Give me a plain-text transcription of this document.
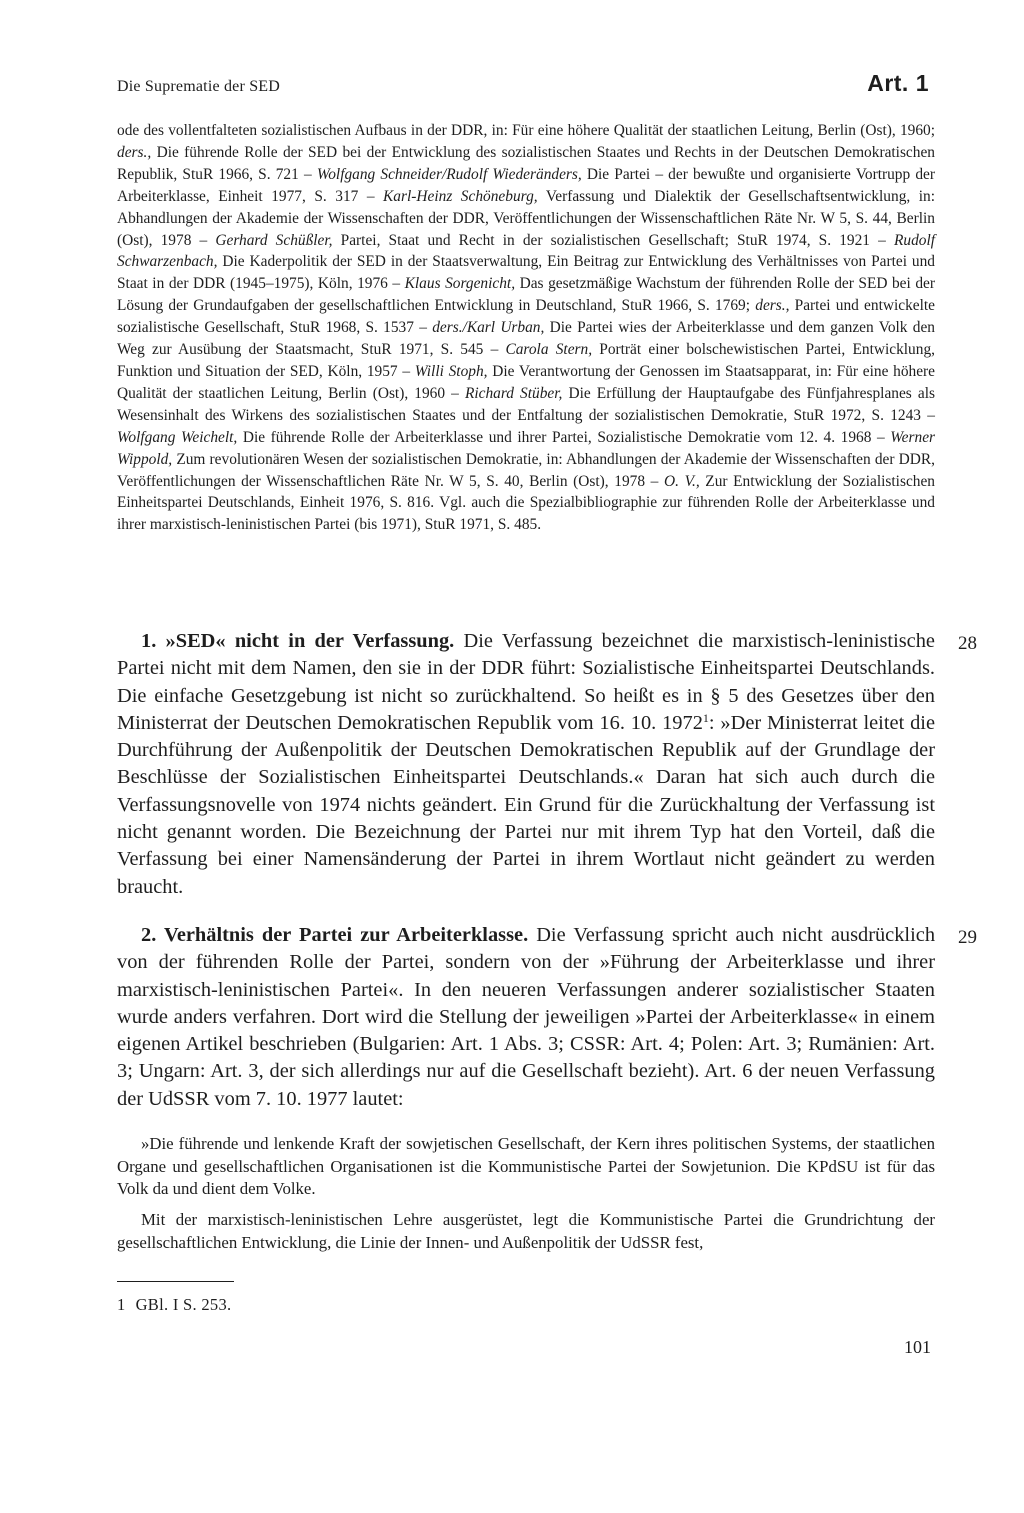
Die Suprematie der SED	Art. 1
ode des vollentfalteten sozialistischen Aufbaus in der DDR, in: Für eine höhere Qualität der staatlichen Leitung, Berlin (Ost), 1960; ders., Die führende Rolle der SED bei der Entwicklung des sozialistischen Staates und Rechts in der Deutschen Demokratischen Republik, StuR 1966, S. 721 – Wolfgang Schneider/Rudolf Wiederänders, Die Partei – der bewußte und organisierte Vortrupp der Arbeiterklasse, Einheit 1977, S. 317 – Karl-Heinz Schöneburg, Verfassung und Dialektik der Gesellschaftsentwicklung, in: Abhandlungen der Akademie der Wissenschaften der DDR, Veröffentlichungen der Wissenschaftlichen Räte Nr. W 5, S. 44, Berlin (Ost), 1978 – Gerhard Schüßler, Partei, Staat und Recht in der sozialistischen Gesellschaft; StuR 1974, S. 1921 – Rudolf Schwarzenbach, Die Kaderpolitik der SED in der Staatsverwaltung, Ein Beitrag zur Entwicklung des Verhältnisses von Partei und Staat in der DDR (1945–1975), Köln, 1976 – Klaus Sorgenicht, Das gesetzmäßige Wachstum der führenden Rolle der SED bei der Lösung der Grundaufgaben der gesellschaftlichen Entwicklung in Deutschland, StuR 1966, S. 1769; ders., Partei und entwickelte sozialistische Gesellschaft, StuR 1968, S. 1537 – ders./Karl Urban, Die Partei wies der Arbeiterklasse und dem ganzen Volk den Weg zur Ausübung der Staatsmacht, StuR 1971, S. 545 – Carola Stern, Porträt einer bolschewistischen Partei, Entwicklung, Funktion und Situation der SED, Köln, 1957 – Willi Stoph, Die Verantwortung der Genossen im Staatsapparat, in: Für eine höhere Qualität der staatlichen Leitung, Berlin (Ost), 1960 – Richard Stüber, Die Erfüllung der Hauptaufgabe des Fünfjahresplanes als Wesensinhalt des Wirkens des sozialistischen Staates und der Entfaltung der sozialistischen Demokratie, StuR 1972, S. 1243 – Wolfgang Weichelt, Die führende Rolle der Arbeiterklasse und ihrer Partei, Sozialistische Demokratie vom 12. 4. 1968 – Werner Wippold, Zum revolutionären Wesen der sozialistischen Demokratie, in: Abhandlungen der Akademie der Wissenschaften der DDR, Veröffentlichungen der Wissenschaftlichen Räte Nr. W 5, S. 40, Berlin (Ost), 1978 – O. V., Zur Entwicklung der Sozialistischen Einheitspartei Deutschlands, Einheit 1976, S. 816. Vgl. auch die Spezialbibliographie zur führenden Rolle der Arbeiterklasse und ihrer marxistisch-leninistischen Partei (bis 1971), StuR 1971, S. 485.
1. »SED« nicht in der Verfassung. Die Verfassung bezeichnet die marxistisch-leninistische Partei nicht mit dem Namen, den sie in der DDR führt: Sozialistische Einheitspartei Deutschlands. Die einfache Gesetzgebung ist nicht so zurückhaltend. So heißt es in § 5 des Gesetzes über den Ministerrat der Deutschen Demokratischen Republik vom 16. 10. 1972$^1$: »Der Ministerrat leitet die Durchführung der Außenpolitik der Deutschen Demokratischen Republik auf der Grundlage der Beschlüsse der Sozialistischen Einheitspartei Deutschlands.« Daran hat sich auch durch die Verfassungsnovelle von 1974 nichts geändert. Ein Grund für die Zurückhaltung der Verfassung ist nicht genannt worden. Die Bezeichnung der Partei nur mit ihrem Typ hat den Vorteil, daß die Verfassung bei einer Namensänderung der Partei in ihrem Wortlaut nicht geändert zu werden braucht.
28
2. Verhältnis der Partei zur Arbeiterklasse. Die Verfassung spricht auch nicht ausdrücklich von der führenden Rolle der Partei, sondern von der »Führung der Arbeiterklasse und ihrer marxistisch-leninistischen Partei«. In den neueren Verfassungen anderer sozialistischer Staaten wurde anders verfahren. Dort wird die Stellung der jeweiligen »Partei der Arbeiterklasse« in einem eigenen Artikel beschrieben (Bulgarien: Art. 1 Abs. 3; CSSR: Art. 4; Polen: Art. 3; Rumänien: Art. 3; Ungarn: Art. 3, der sich allerdings nur auf die Gesellschaft bezieht). Art. 6 der neuen Verfassung der UdSSR vom 7. 10. 1977 lautet:
29
»Die führende und lenkende Kraft der sowjetischen Gesellschaft, der Kern ihres politischen Systems, der staatlichen Organe und gesellschaftlichen Organisationen ist die Kommunistische Partei der Sowjetunion. Die KPdSU ist für das Volk da und dient dem Volke.
Mit der marxistisch-leninistischen Lehre ausgerüstet, legt die Kommunistische Partei die Grundrichtung der gesellschaftlichen Entwicklung, die Linie der Innen- und Außenpolitik der UdSSR fest,
1 GBl. I S. 253.
101
